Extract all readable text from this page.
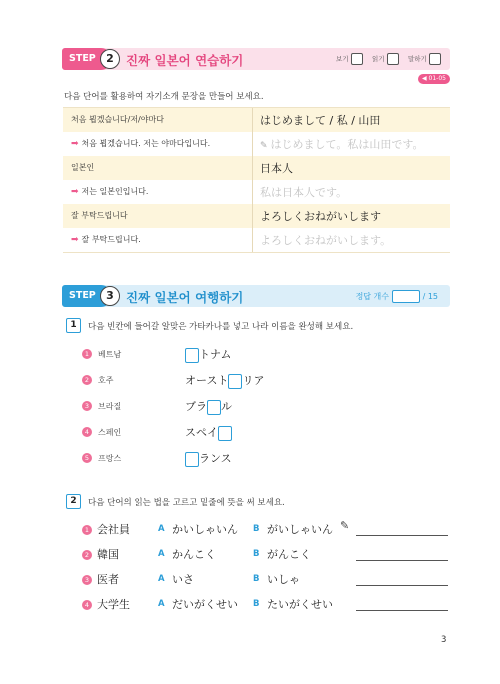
STEP 2 진짜 일본어 연습하기	보기	읽기	말하기
◀ 01-05
다음 단어를 활용하여 자기소개 문장을 만들어 보세요.
처음 뵙겠습니다/저/야마다	はじめまして / 私 / 山田
➡ 처음 뵙겠습니다. 저는 야마다입니다.	✎ はじめまして。私は山田です。
일본인	日本人
➡ 저는 일본인입니다.	私は日本人です。
잘 부탁드립니다	よろしくおねがいします
➡ 잘 부탁드립니다.	よろしくおねがいします。
STEP 3 진짜 일본어 여행하기	정답 개수	/ 15
1	다음 빈칸에 들어갈 알맞은 가타카나를 넣고 나라 이름을 완성해 보세요.
1	베트남	トナム
2	호주	オースト リア
3	브라질	ブラ ル
4	스페인	スペイ
5	프랑스	ランス
2	다음 단어의 읽는 법을 고르고 밑줄에 뜻을 써 보세요.
1 会社員	A かいしゃいん B がいしゃいん ✎
2 韓国	A かんこく	B がんこく
3 医者	A いさ	B いしゃ
4 大学生	A だいがくせい B たいがくせい
3
